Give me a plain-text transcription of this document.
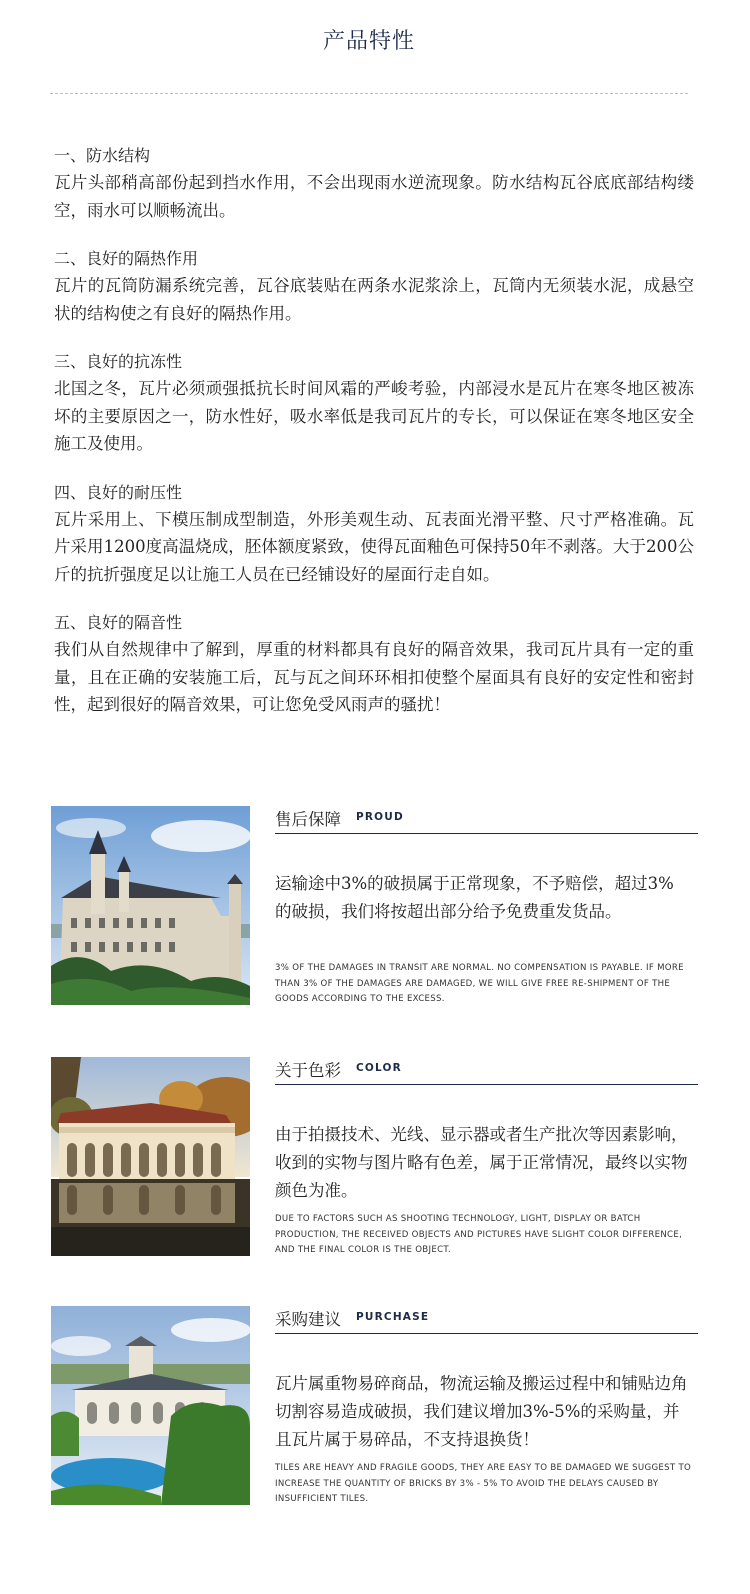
产品特性

一、防水结构

瓦片头部稍高部份起到挡水作用，不会出现雨水逆流现象。防水结构瓦谷底底部结构缕空，雨水可以顺畅流出。

二、良好的隔热作用

瓦片的瓦筒防漏系统完善，瓦谷底装贴在两条水泥浆涂上，瓦筒内无须装水泥，成悬空状的结构使之有良好的隔热作用。

三、良好的抗冻性

北国之冬，瓦片必须顽强抵抗长时间风霜的严峻考验，内部浸水是瓦片在寒冬地区被冻坏的主要原因之一，防水性好，吸水率低是我司瓦片的专长，可以保证在寒冬地区安全施工及使用。

四、良好的耐压性

瓦片采用上、下模压制成型制造，外形美观生动、瓦表面光滑平整、尺寸严格准确。瓦片采用1200度高温烧成，胚体额度紧致，使得瓦面釉色可保持50年不剥落。大于200公斤的抗折强度足以让施工人员在已经铺设好的屋面行走自如。

五、良好的隔音性

我们从自然规律中了解到，厚重的材料都具有良好的隔音效果，我司瓦片具有一定的重量，且在正确的安装施工后，瓦与瓦之间环环相扣使整个屋面具有良好的安定性和密封性，起到很好的隔音效果，可让您免受风雨声的骚扰！

售后保障 PROUD

运输途中3%的破损属于正常现象，不予赔偿，超过3%的破损，我们将按超出部分给予免费重发货品。

3% OF THE DAMAGES IN TRANSIT ARE NORMAL. NO COMPENSATION IS PAYABLE. IF MORE THAN 3% OF THE DAMAGES ARE DAMAGED, WE WILL GIVE FREE RE-SHIPMENT OF THE GOODS ACCORDING TO THE EXCESS.

关于色彩 COLOR

由于拍摄技术、光线、显示器或者生产批次等因素影响，收到的实物与图片略有色差，属于正常情况，最终以实物颜色为准。

DUE TO FACTORS SUCH AS SHOOTING TECHNOLOGY, LIGHT, DISPLAY OR BATCH PRODUCTION, THE RECEIVED OBJECTS AND PICTURES HAVE SLIGHT COLOR DIFFERENCE, AND THE FINAL COLOR IS THE OBJECT.

采购建议 PURCHASE

瓦片属重物易碎商品，物流运输及搬运过程中和铺贴边角切割容易造成破损，我们建议增加3%-5%的采购量，并且瓦片属于易碎品，不支持退换货！

TILES ARE HEAVY AND FRAGILE GOODS, THEY ARE EASY TO BE DAMAGED WE SUGGEST TO INCREASE THE QUANTITY OF BRICKS BY 3% - 5% TO AVOID THE DELAYS CAUSED BY INSUFFICIENT TILES.
